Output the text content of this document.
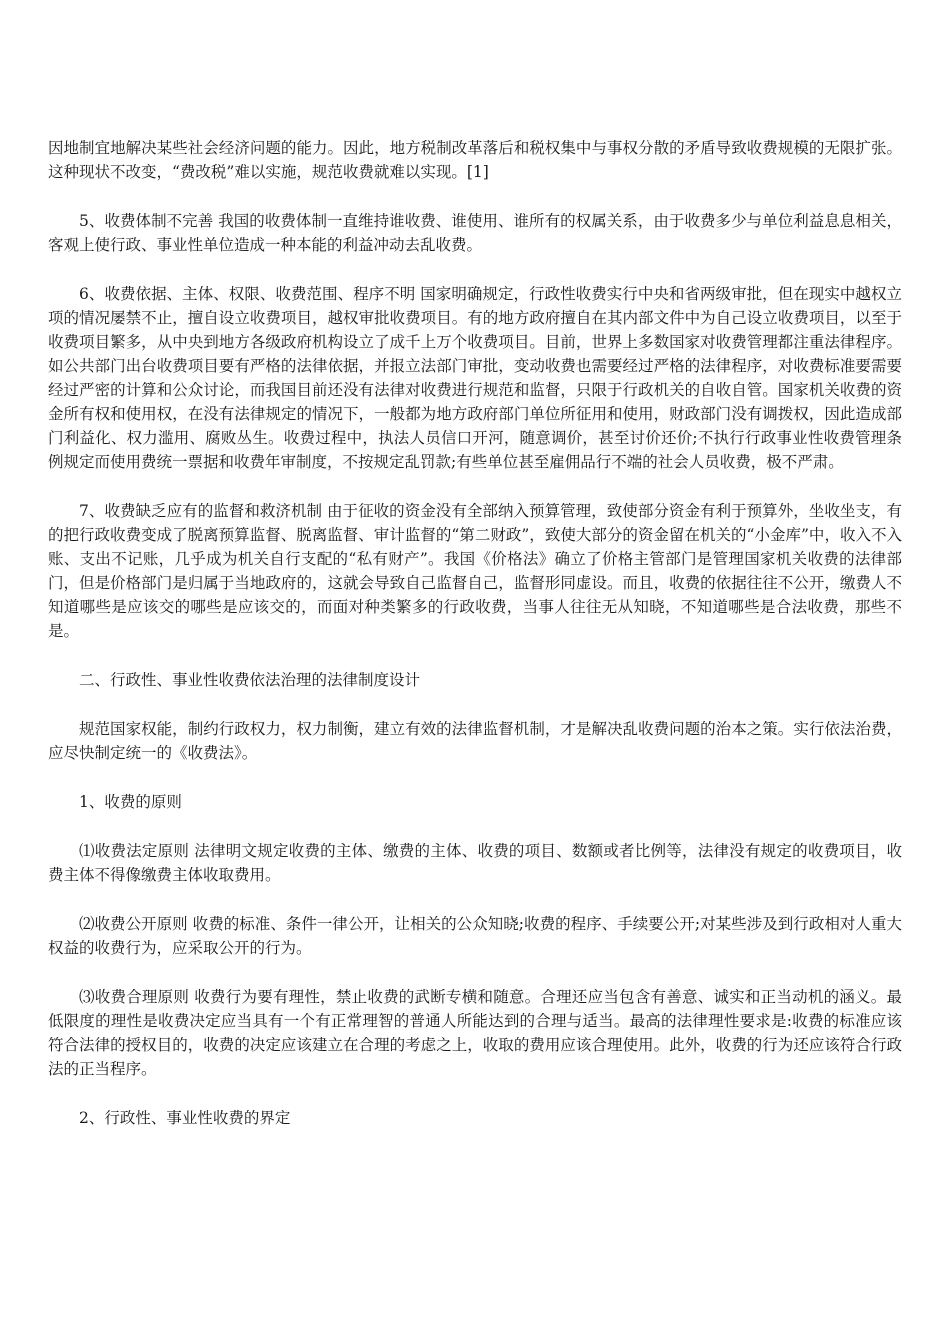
因地制宜地解决某些社会经济问题的能力。因此，地方税制改革落后和税权集中与事权分散的矛盾导致收费规模的无限扩张。这种现状不改变，“费改税”难以实施，规范收费就难以实现。[1]

5、收费体制不完善 我国的收费体制一直维持谁收费、谁使用、谁所有的权属关系，由于收费多少与单位利益息息相关，客观上使行政、事业性单位造成一种本能的利益冲动去乱收费。

6、收费依据、主体、权限、收费范围、程序不明 国家明确规定，行政性收费实行中央和省两级审批，但在现实中越权立项的情况屡禁不止，擅自设立收费项目，越权审批收费项目。有的地方政府擅自在其内部文件中为自己设立收费项目，以至于收费项目繁多，从中央到地方各级政府机构设立了成千上万个收费项目。目前，世界上多数国家对收费管理都注重法律程序。如公共部门出台收费项目要有严格的法律依据，并报立法部门审批，变动收费也需要经过严格的法律程序，对收费标准要需要经过严密的计算和公众讨论，而我国目前还没有法律对收费进行规范和监督，只限于行政机关的自收自管。国家机关收费的资金所有权和使用权，在没有法律规定的情况下，一般都为地方政府部门单位所征用和使用，财政部门没有调拨权，因此造成部门利益化、权力滥用、腐败丛生。收费过程中，执法人员信口开河，随意调价，甚至讨价还价;不执行行政事业性收费管理条例规定而使用费统一票据和收费年审制度，不按规定乱罚款;有些单位甚至雇佣品行不端的社会人员收费，极不严肃。

7、收费缺乏应有的监督和救济机制 由于征收的资金没有全部纳入预算管理，致使部分资金有利于预算外，坐收坐支，有的把行政收费变成了脱离预算监督、脱离监督、审计监督的“第二财政”，致使大部分的资金留在机关的“小金库”中，收入不入账、支出不记账，几乎成为机关自行支配的“私有财产”。我国《价格法》确立了价格主管部门是管理国家机关收费的法律部门，但是价格部门是归属于当地政府的，这就会导致自己监督自己，监督形同虚设。而且，收费的依据往往不公开，缴费人不知道哪些是应该交的哪些是应该交的，而面对种类繁多的行政收费，当事人往往无从知晓，不知道哪些是合法收费，那些不是。

二、行政性、事业性收费依法治理的法律制度设计

规范国家权能，制约行政权力，权力制衡，建立有效的法律监督机制，才是解决乱收费问题的治本之策。实行依法治费，应尽快制定统一的《收费法》。

1、收费的原则

⑴收费法定原则 法律明文规定收费的主体、缴费的主体、收费的项目、数额或者比例等，法律没有规定的收费项目，收费主体不得像缴费主体收取费用。

⑵收费公开原则 收费的标准、条件一律公开，让相关的公众知晓;收费的程序、手续要公开;对某些涉及到行政相对人重大权益的收费行为，应采取公开的行为。

⑶收费合理原则 收费行为要有理性，禁止收费的武断专横和随意。合理还应当包含有善意、诚实和正当动机的涵义。最低限度的理性是收费决定应当具有一个有正常理智的普通人所能达到的合理与适当。最高的法律理性要求是:收费的标准应该符合法律的授权目的，收费的决定应该建立在合理的考虑之上，收取的费用应该合理使用。此外，收费的行为还应该符合行政法的正当程序。

2、行政性、事业性收费的界定
